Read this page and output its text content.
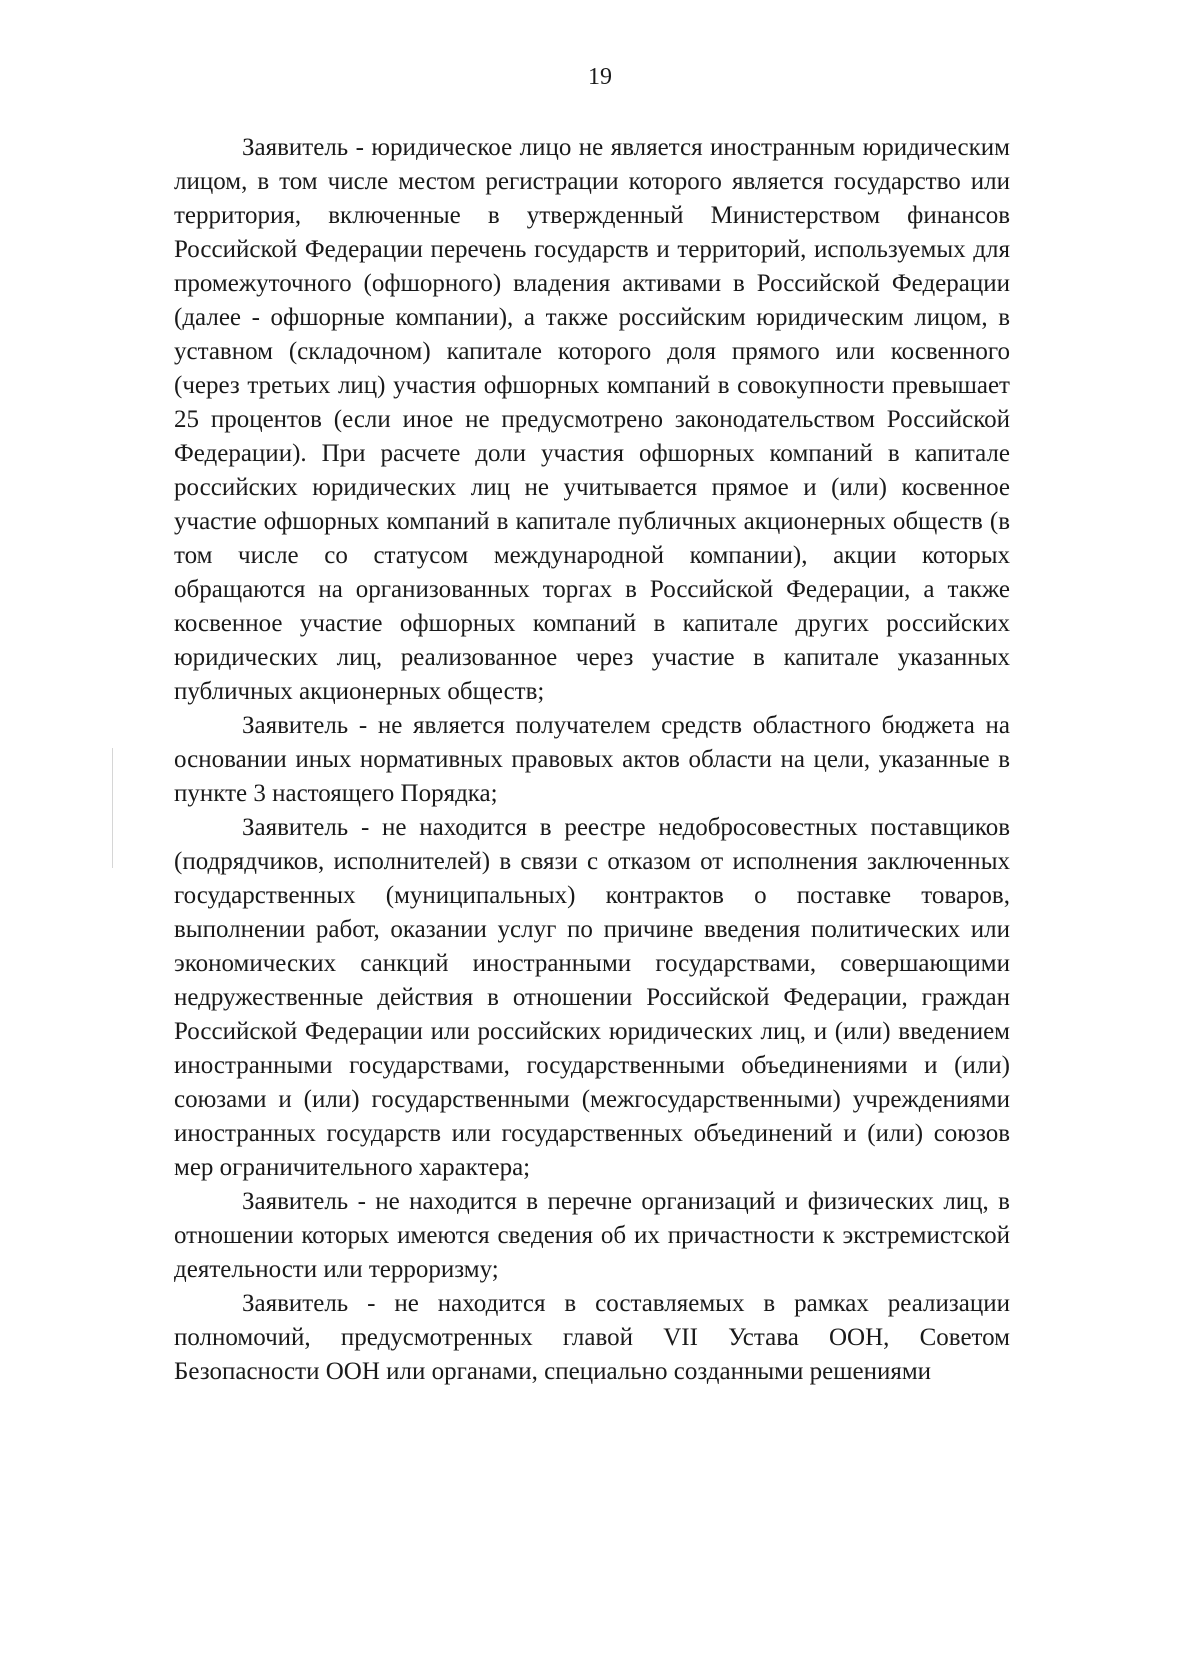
19

Заявитель - юридическое лицо не является иностранным юридическим лицом, в том числе местом регистрации которого является государство или территория, включенные в утвержденный Министерством финансов Российской Федерации перечень государств и территорий, используемых для промежуточного (офшорного) владения активами в Российской Федерации (далее - офшорные компании), а также российским юридическим лицом, в уставном (складочном) капитале которого доля прямого или косвенного (через третьих лиц) участия офшорных компаний в совокупности превышает 25 процентов (если иное не предусмотрено законодательством Российской Федерации). При расчете доли участия офшорных компаний в капитале российских юридических лиц не учитывается прямое и (или) косвенное участие офшорных компаний в капитале публичных акционерных обществ (в том числе со статусом международной компании), акции которых обращаются на организованных торгах в Российской Федерации, а также косвенное участие офшорных компаний в капитале других российских юридических лиц, реализованное через участие в капитале указанных публичных акционерных обществ;

Заявитель - не является получателем средств областного бюджета на основании иных нормативных правовых актов области на цели, указанные в пункте 3 настоящего Порядка;

Заявитель - не находится в реестре недобросовестных поставщиков (подрядчиков, исполнителей) в связи с отказом от исполнения заключенных государственных (муниципальных) контрактов о поставке товаров, выполнении работ, оказании услуг по причине введения политических или экономических санкций иностранными государствами, совершающими недружественные действия в отношении Российской Федерации, граждан Российской Федерации или российских юридических лиц, и (или) введением иностранными государствами, государственными объединениями и (или) союзами и (или) государственными (межгосударственными) учреждениями иностранных государств или государственных объединений и (или) союзов мер ограничительного характера;

Заявитель - не находится в перечне организаций и физических лиц, в отношении которых имеются сведения об их причастности к экстремистской деятельности или терроризму;

Заявитель - не находится в составляемых в рамках реализации полномочий, предусмотренных главой VII Устава ООН, Советом Безопасности ООН или органами, специально созданными решениями
